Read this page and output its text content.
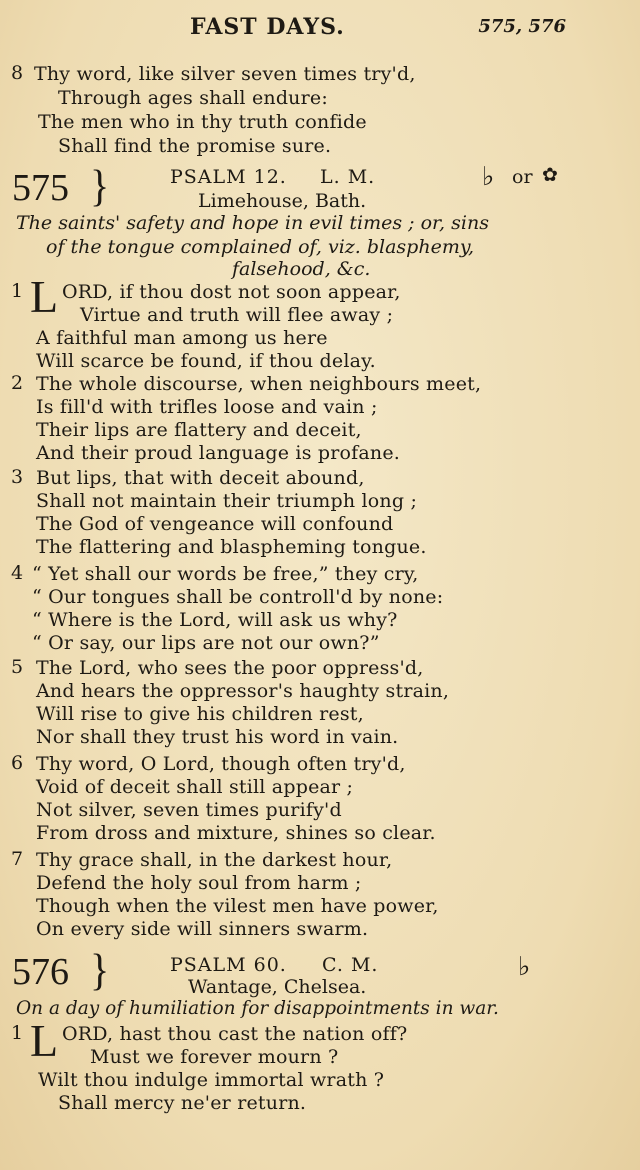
FAST DAYS.	575, 576
8 Thy word, like silver seven times try'd,
Through ages shall endure:
The men who in thy truth confide
Shall find the promise sure.
575 }	PSALM 12. L. M.
Limehouse, Bath.
♭ or ✿
The saints' safety and hope in evil times ; or, sins
of the tongue complained of, viz. blasphemy,
falsehood, &c.
1 L ORD, if thou dost not soon appear,
Virtue and truth will flee away ;
A faithful man among us here
Will scarce be found, if thou delay.
2 The whole discourse, when neighbours meet,
Is fill'd with trifles loose and vain ;
Their lips are flattery and deceit,
And their proud language is profane.
3 But lips, that with deceit abound,
Shall not maintain their triumph long ;
The God of vengeance will confound
The flattering and blaspheming tongue.
4 “ Yet shall our words be free,” they cry,
“ Our tongues shall be controll'd by none:
“ Where is the Lord, will ask us why?
“ Or say, our lips are not our own?”
5 The Lord, who sees the poor oppress'd,
And hears the oppressor's haughty strain,
Will rise to give his children rest,
Nor shall they trust his word in vain.
6 Thy word, O Lord, though often try'd,
Void of deceit shall still appear ;
Not silver, seven times purify'd
From dross and mixture, shines so clear.
7 Thy grace shall, in the darkest hour,
Defend the holy soul from harm ;
Though when the vilest men have power,
On every side will sinners swarm.
576 }	PSALM 60. C. M.
Wantage, Chelsea.
♭
On a day of humiliation for disappointments in war.
1 L ORD, hast thou cast the nation off?
Must we forever mourn ?
Wilt thou indulge immortal wrath ?
Shall mercy ne'er return.
